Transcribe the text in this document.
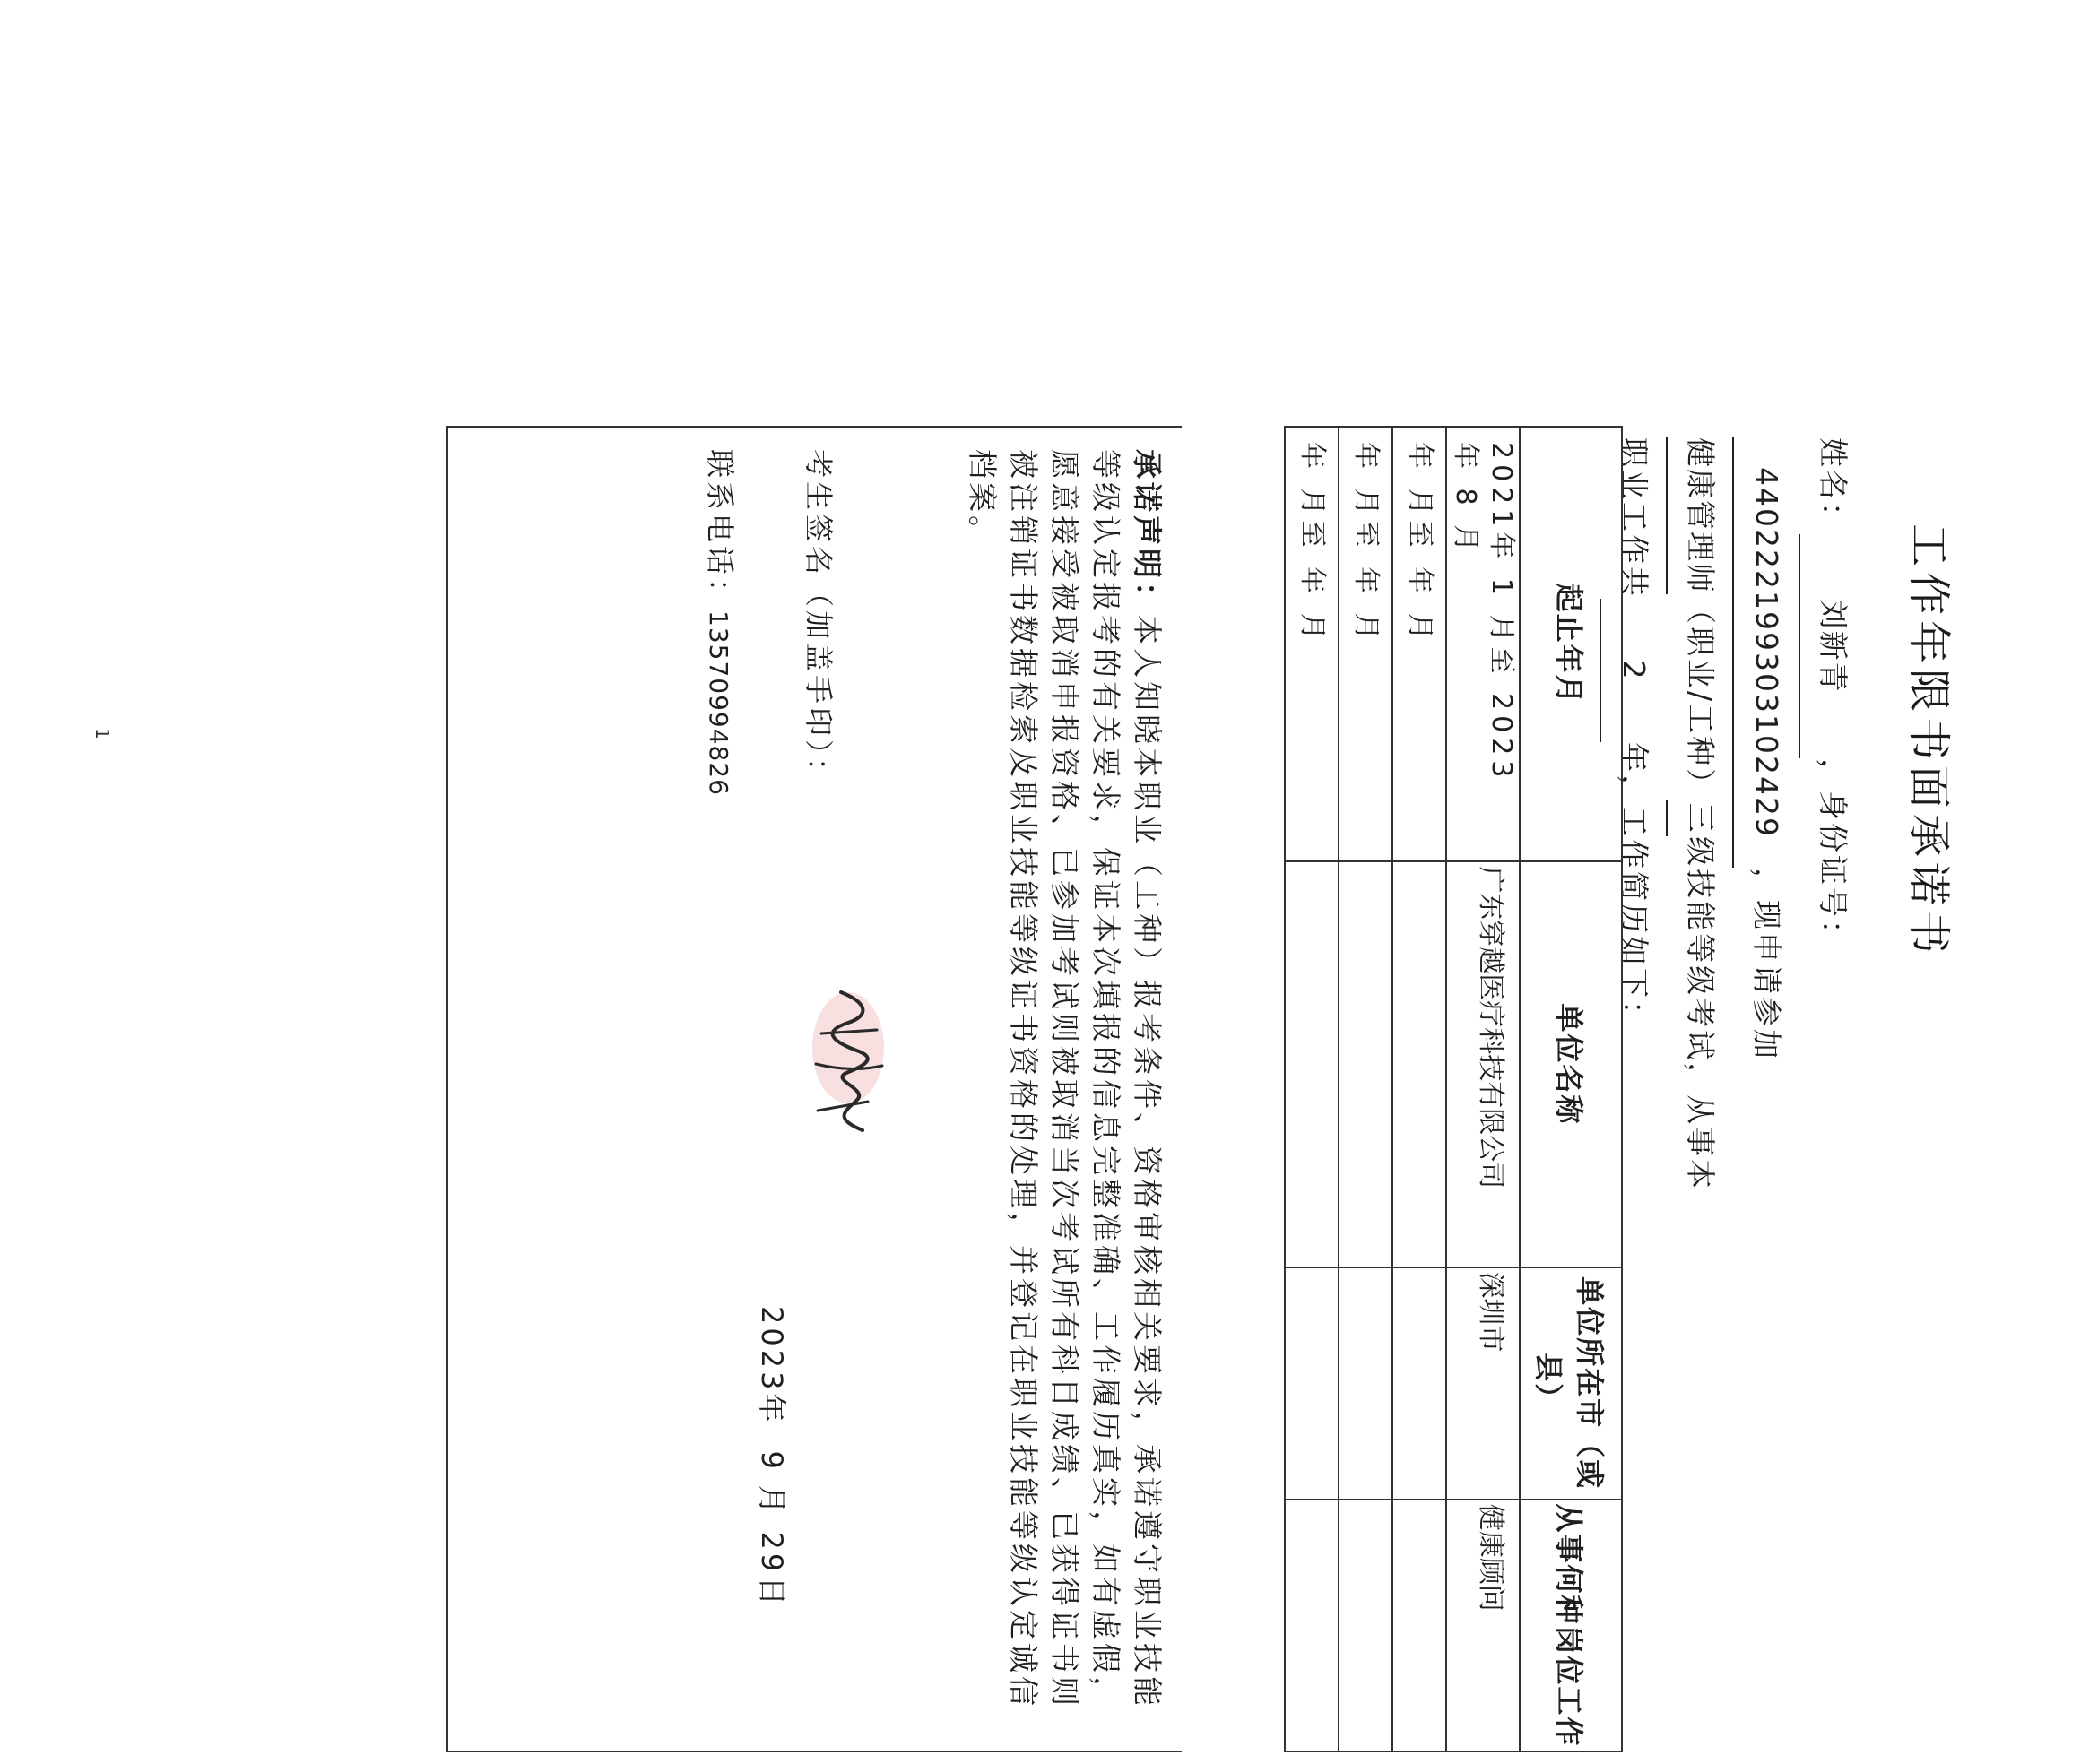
工作年限书面承诺书
姓名：刘新青，身份证号：
440222199303102429，现申请参加
健康管理师（职业/工种）三级技能等级考试，从事本
职业工作共2年，工作简历如下：
起止年月	单位名称	单位所在市（或县）	从事何种岗位工作

2021年 1 月至 2023
年 8 月	广东穿越医疗科技有限公司	深圳市	健康顾问
年 月至 年 月			
年 月至 年 月			
年 月至 年 月			
承诺声明：本人知晓本职业（工种）报考条件、资格审核相关要求，承诺遵守职业技能等级认定报考的有关要求，保证本次填报的信息完整准确、工作履历真实，如有虚假，愿意接受被取消申报资格、已参加考试则被取消当次考试所有科目成绩、已获得证书则被注销证书数据检索及职业技能等级证书资格的处理，并登记在职业技能等级认定诚信档案。
考生签名（加盖手印）：
2023年 9月 29日
联系电话：13570994826
1
